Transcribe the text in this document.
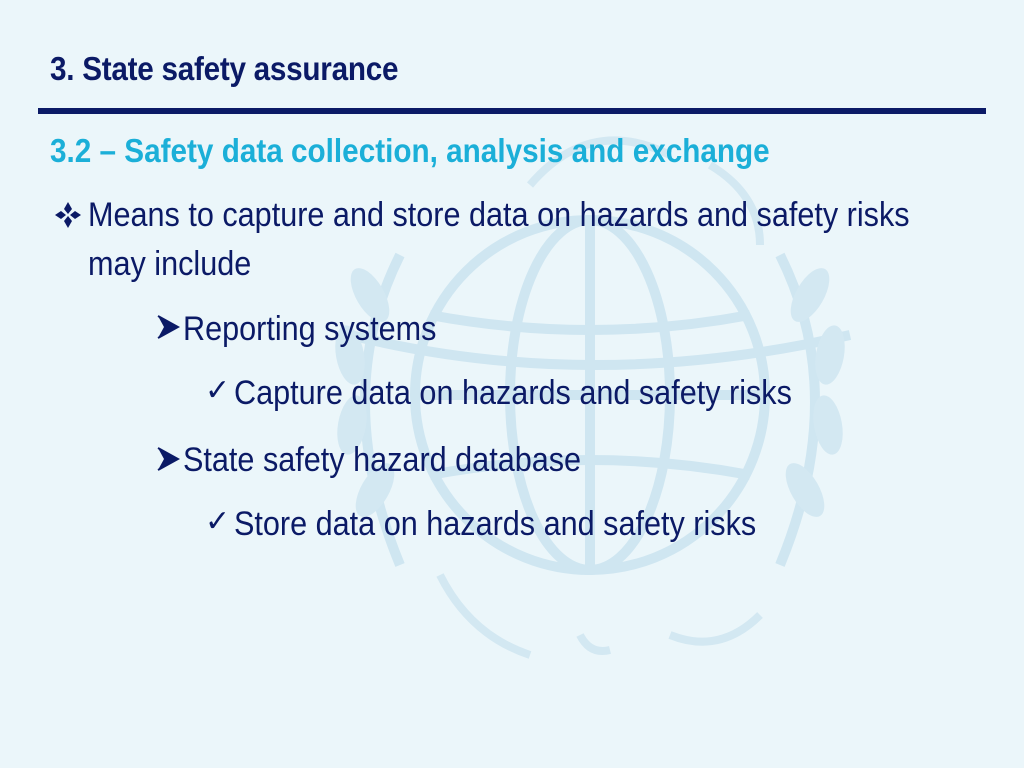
3. State safety assurance
3.2 – Safety data collection, analysis and exchange
Means to capture and store data on hazards and safety risks
may include
Reporting systems
✓ Capture data on hazards and safety risks
State safety hazard database
✓ Store data on hazards and safety risks
